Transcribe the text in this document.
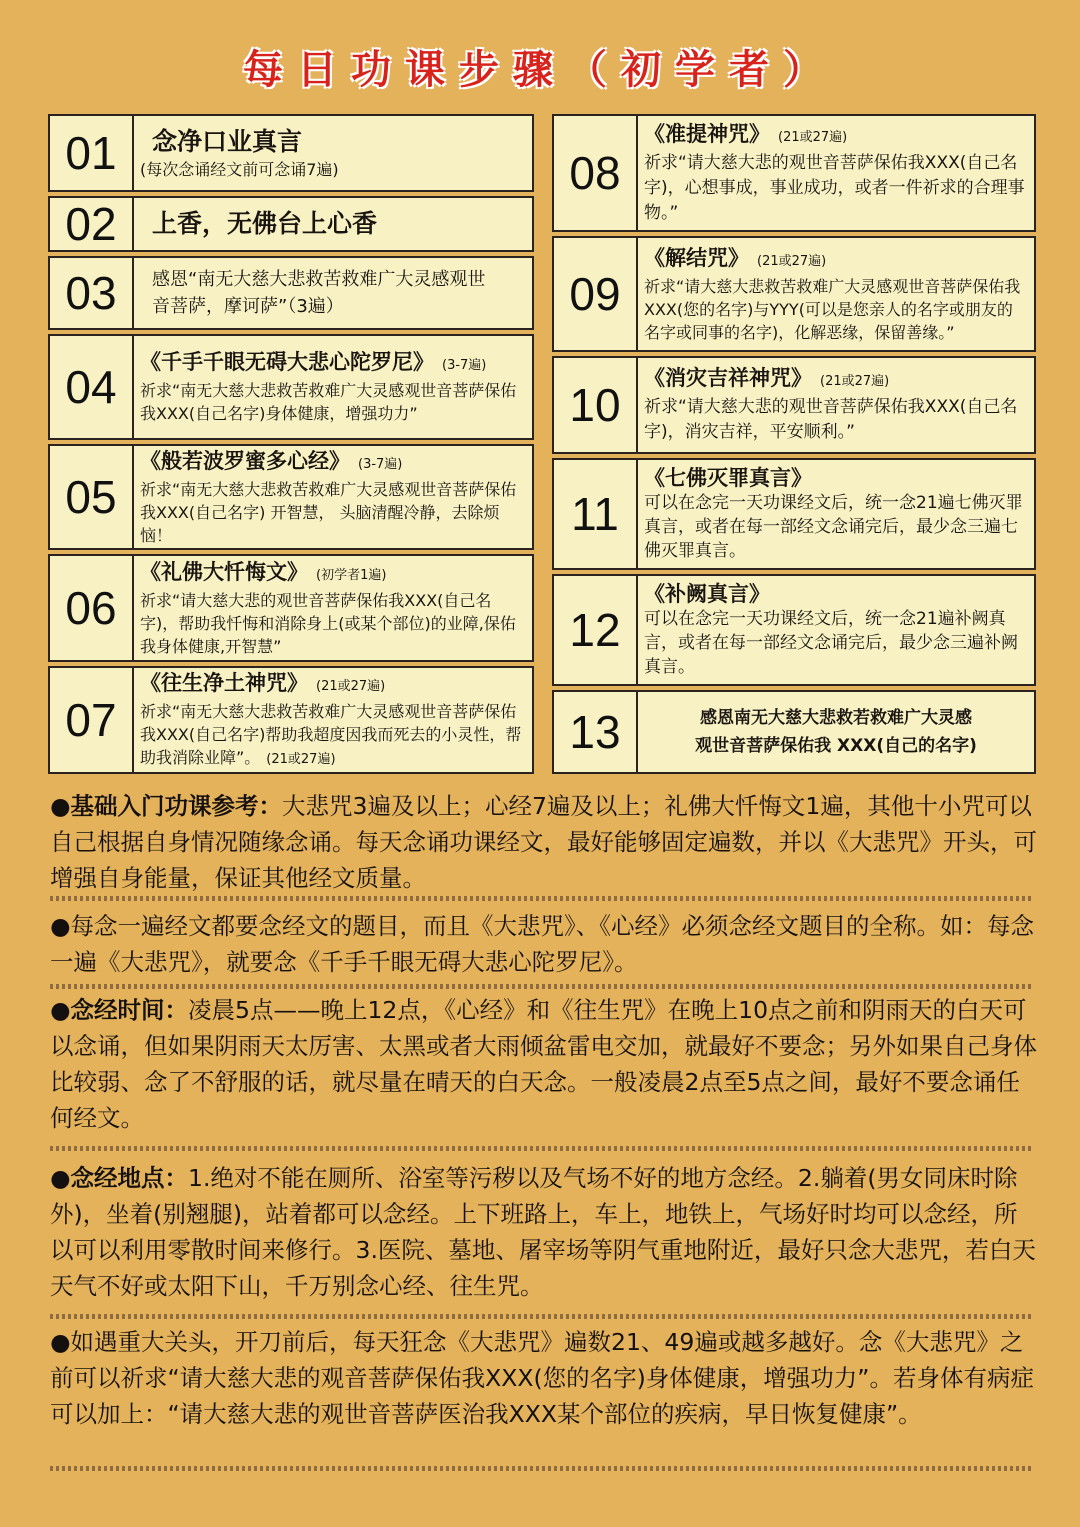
每日功课步骤（初学者）
01	念净口业真言
(每次念诵经文前可念诵7遍)
02	上香，无佛台上心香
03	感恩“南无大慈大悲救苦救难广大灵感观世音菩萨，摩诃萨”（3遍）
04	《千手千眼无碍大悲心陀罗尼》 (3-7遍)
祈求“南无大慈大悲救苦救难广大灵感观世音菩萨保佑我XXX(自己名字)身体健康，增强功力”
05
《般若波罗蜜多心经》 (3-7遍)
祈求“南无大慈大悲救苦救难广大灵感观世音菩萨保佑我XXX(自己名字) 开智慧， 头脑清醒冷静，去除烦恼！
06
《礼佛大忏悔文》 (初学者1遍)
祈求“请大慈大悲的观世音菩萨保佑我XXX(自己名字)，帮助我忏悔和消除身上(或某个部位)的业障,保佑我身体健康,开智慧”
07
《往生净土神咒》 (21或27遍)
祈求“南无大慈大悲救苦救难广大灵感观世音菩萨保佑我XXX(自己名字)帮助我超度因我而死去的小灵性，帮助我消除业障”。 (21或27遍)
08
《准提神咒》 (21或27遍)
祈求“请大慈大悲的观世音菩萨保佑我XXX(自己名字)，心想事成，事业成功，或者一件祈求的合理事物。”
09
《解结咒》 (21或27遍)
祈求“请大慈大悲救苦救难广大灵感观世音菩萨保佑我XXX(您的名字)与YYY(可以是您亲人的名字或朋友的名字或同事的名字)，化解恶缘，保留善缘。”
10
《消灾吉祥神咒》 (21或27遍)
祈求“请大慈大悲的观世音菩萨保佑我XXX(自己名字)，消灾吉祥，平安顺利。”
11
《七佛灭罪真言》
可以在念完一天功课经文后，统一念21遍七佛灭罪真言，或者在每一部经文念诵完后，最少念三遍七佛灭罪真言。
12
《补阙真言》
可以在念完一天功课经文后，统一念21遍补阙真言，或者在每一部经文念诵完后，最少念三遍补阙真言。
13	感恩南无大慈大悲救若救难广大灵感
观世音菩萨保佑我 XXX(自己的名字)
●基础入门功课参考：大悲咒3遍及以上；心经7遍及以上；礼佛大忏悔文1遍，其他十小咒可以自己根据自身情况随缘念诵。每天念诵功课经文，最好能够固定遍数，并以《大悲咒》开头，可增强自身能量，保证其他经文质量。
●每念一遍经文都要念经文的题目，而且《大悲咒》、《心经》必须念经文题目的全称。如：每念一遍《大悲咒》，就要念《千手千眼无碍大悲心陀罗尼》。
●念经时间：凌晨5点——晚上12点，《心经》和《往生咒》在晚上10点之前和阴雨天的白天可以念诵，但如果阴雨天太厉害、太黑或者大雨倾盆雷电交加，就最好不要念；另外如果自己身体比较弱、念了不舒服的话，就尽量在晴天的白天念。一般凌晨2点至5点之间，最好不要念诵任何经文。
●念经地点：1.绝对不能在厕所、浴室等污秽以及气场不好的地方念经。2.躺着(男女同床时除外)，坐着(别翘腿)，站着都可以念经。上下班路上，车上，地铁上，气场好时均可以念经，所以可以利用零散时间来修行。3.医院、墓地、屠宰场等阴气重地附近，最好只念大悲咒，若白天天气不好或太阳下山，千万别念心经、往生咒。
●如遇重大关头，开刀前后，每天狂念《大悲咒》遍数21、49遍或越多越好。念《大悲咒》之前可以祈求“请大慈大悲的观音菩萨保佑我XXX(您的名字)身体健康，增强功力”。若身体有病症可以加上：“请大慈大悲的观世音菩萨医治我XXX某个部位的疾病，早日恢复健康”。
